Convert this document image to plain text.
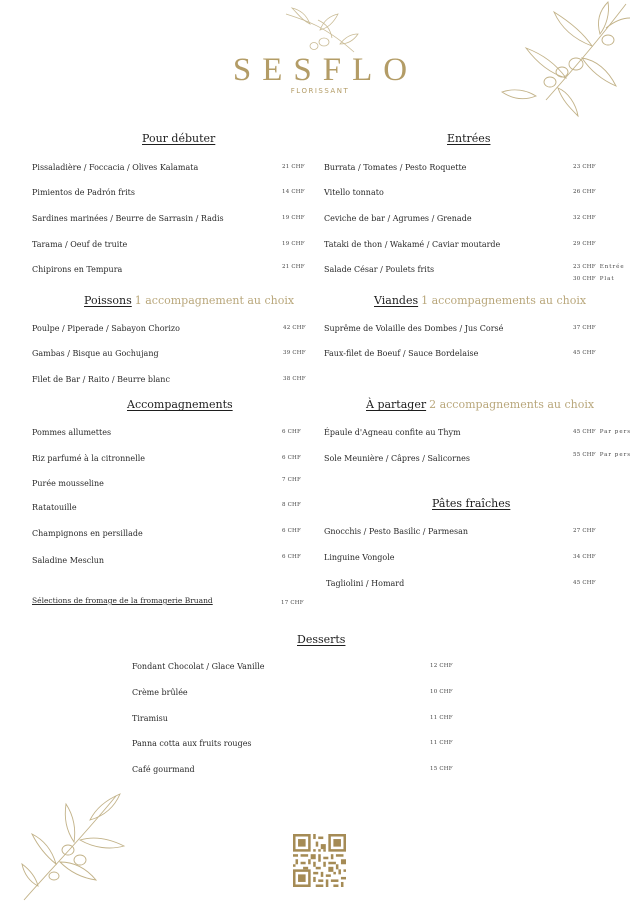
SESFLO
FLORISSANT
Pour débuter
Pissaladière / Foccacia / Olives Kalamata	21 CHF
Pimientos de Padrón frits	14 CHF
Sardines marinées / Beurre de Sarrasin / Radis	19 CHF
Tarama / Oeuf de truite	19 CHF
Chipirons en Tempura	21 CHF
Entrées
Burrata / Tomates / Pesto Roquette	23 CHF
Vitello tonnato	26 CHF
Ceviche de bar / Agrumes / Grenade	32 CHF
Tataki de thon / Wakamé / Caviar moutarde	29 CHF
Salade César / Poulets frits	23 CHF Entrée
30 CHF Plat
Poissons 1 accompagnement au choix
Poulpe / Piperade / Sabayon Chorizo	42 CHF
Gambas / Bisque au Gochujang	39 CHF
Filet de Bar / Raito / Beurre blanc	38 CHF
Viandes 1 accompagnements au choix
Suprême de Volaille des Dombes / Jus Corsé	37 CHF
Faux-filet de Boeuf / Sauce Bordelaise	45 CHF
Accompagnements
Pommes allumettes	6 CHF
Riz parfumé à la citronnelle	6 CHF
Purée mousseline	7 CHF
Ratatouille	8 CHF
Champignons en persillade	6 CHF
Saladine Mesclun	6 CHF
Sélections de fromage de la fromagerie Bruand	17 CHF
À partager 2 accompagnements au choix
Épaule d'Agneau confite au Thym	45 CHF Par pers
Sole Meunière / Câpres / Salicornes	55 CHF Par pers
Pâtes fraîches
Gnocchis / Pesto Basilic / Parmesan	27 CHF
Linguine Vongole	34 CHF
Tagliolini / Homard	45 CHF
Desserts
Fondant Chocolat / Glace Vanille	12 CHF
Crème brûlée	10 CHF
Tiramisu	11 CHF
Panna cotta aux fruits rouges	11 CHF
Café gourmand	15 CHF
